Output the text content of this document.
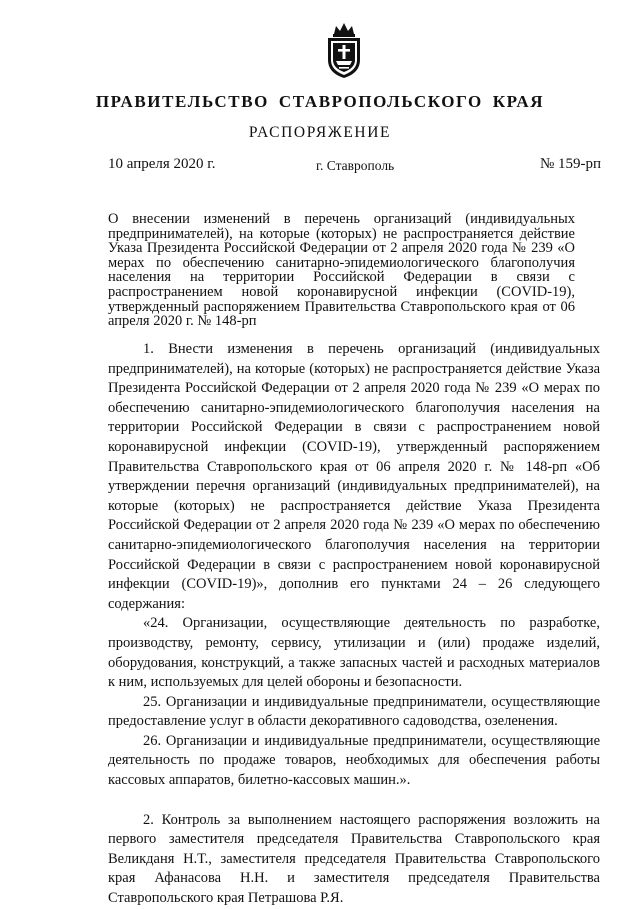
ПРАВИТЕЛЬСТВО СТАВРОПОЛЬСКОГО КРАЯ
РАСПОРЯЖЕНИЕ
10 апреля 2020 г.	г. Ставрополь	№ 159-рп
О внесении изменений в перечень организаций (индивидуальных предпринимателей), на которые (которых) не распространяется действие Указа Президента Российской Федерации от 2 апреля 2020 года № 239 «О мерах по обеспечению санитарно-эпидемиологического благополучия населения на территории Российской Федерации в связи с распространением новой коронавирусной инфекции (COVID-19), утвержденный распоряжением Правительства Ставропольского края от 06 апреля 2020 г. № 148-рп

1. Внести изменения в перечень организаций (индивидуальных предпринимателей), на которые (которых) не распространяется действие Указа Президента Российской Федерации от 2 апреля 2020 года № 239 «О мерах по обеспечению санитарно-эпидемиологического благополучия населения на территории Российской Федерации в связи с распространением новой коронавирусной инфекции (COVID-19), утвержденный распоряжением Правительства Ставропольского края от 06 апреля 2020 г. № 148-рп «Об утверждении перечня организаций (индивидуальных предпринимателей), на которые (которых) не распространяется действие Указа Президента Российской Федерации от 2 апреля 2020 года № 239 «О мерах по обеспечению санитарно-эпидемиологического благополучия населения на территории Российской Федерации в связи с распространением новой коронавирусной инфекции (COVID-19)», дополнив его пунктами 24 – 26 следующего содержания:

«24. Организации, осуществляющие деятельность по разработке, производству, ремонту, сервису, утилизации и (или) продаже изделий, оборудования, конструкций, а также запасных частей и расходных материалов к ним, используемых для целей обороны и безопасности.

25. Организации и индивидуальные предприниматели, осуществляющие предоставление услуг в области декоративного садоводства, озеленения.

26. Организации и индивидуальные предприниматели, осуществляющие деятельность по продаже товаров, необходимых для обеспечения работы кассовых аппаратов, билетно-кассовых машин.».

2. Контроль за выполнением настоящего распоряжения возложить на первого заместителя председателя Правительства Ставропольского края Великданя Н.Т., заместителя председателя Правительства Ставропольского края Афанасова Н.Н. и заместителя председателя Правительства Ставропольского края Петрашова Р.Я.
